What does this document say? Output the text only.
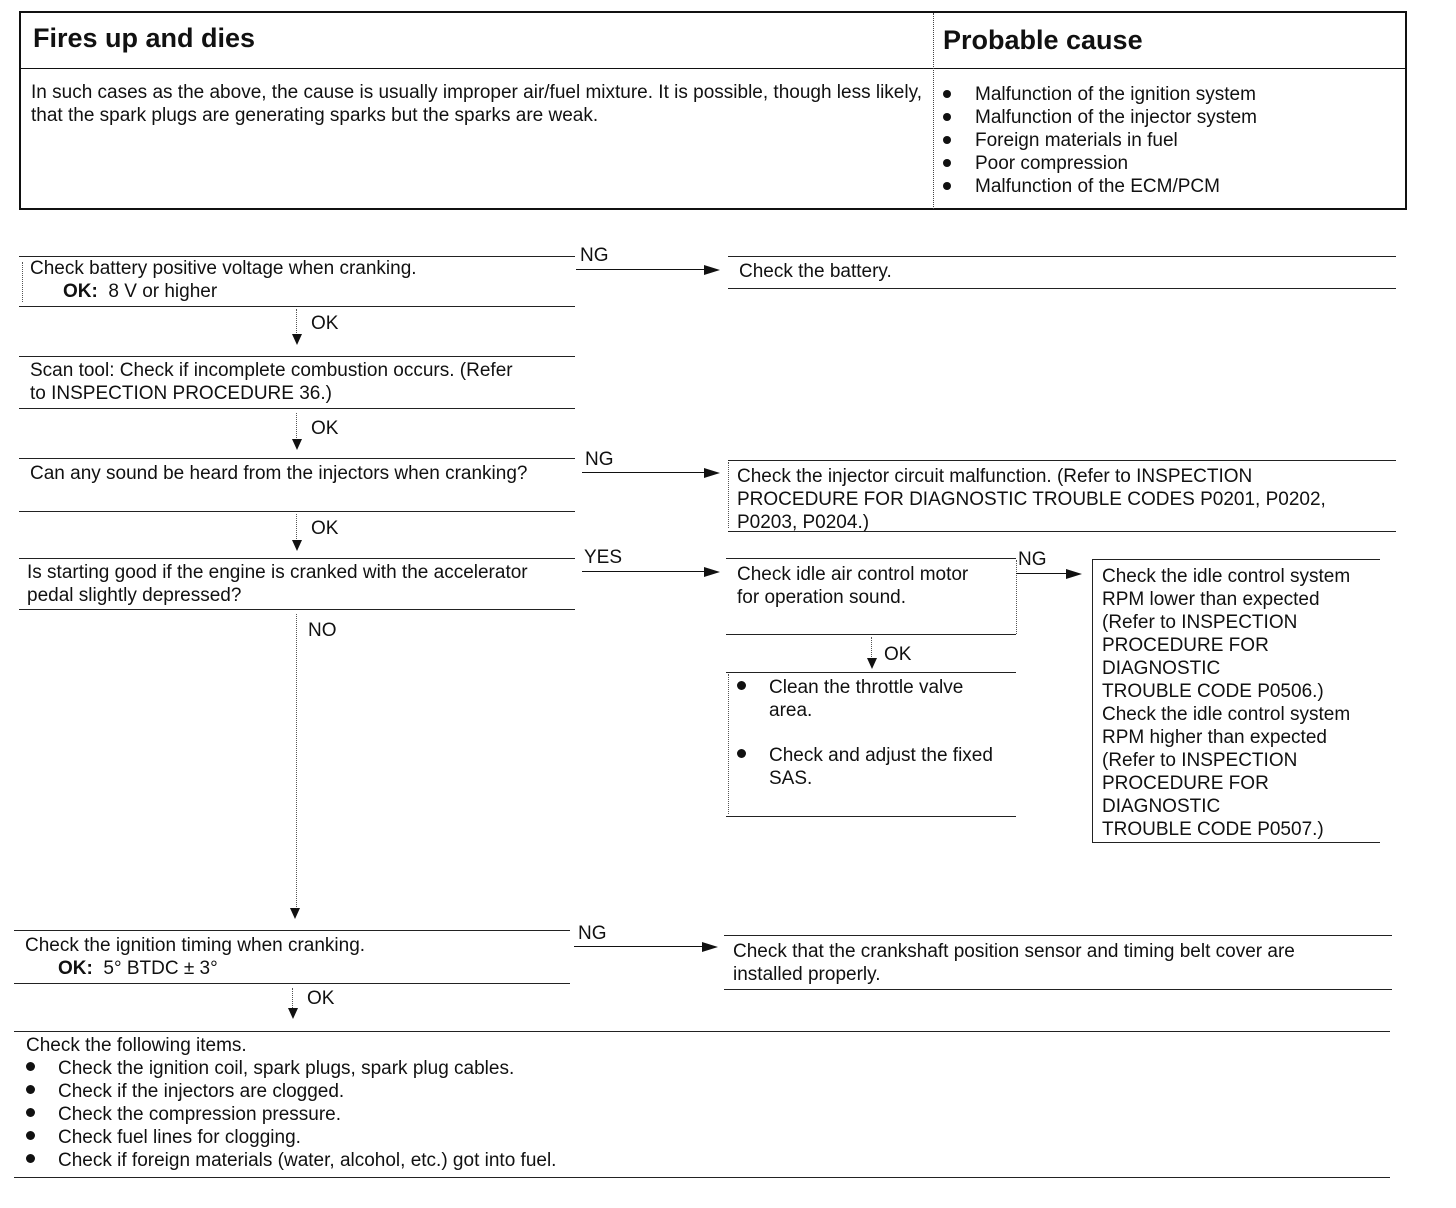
Fires up and dies	Probable cause
In such cases as the above, the cause is usually improper air/fuel mixture. It is possible, though less likely, that the spark plugs are generating sparks but the sparks are weak.
Malfunction of the ignition system
Malfunction of the injector system
Foreign materials in fuel
Poor compression
Malfunction of the ECM/PCM
Check battery positive voltage when cranking.
OK: 8 V or higher
NG
Check the battery.
OK
Scan tool: Check if incomplete combustion occurs. (Refer
to INSPECTION PROCEDURE 36.)
OK
Can any sound be heard from the injectors when cranking?
NG
Check the injector circuit malfunction. (Refer to INSPECTION
PROCEDURE FOR DIAGNOSTIC TROUBLE CODES P0201, P0202,
P0203, P0204.)
OK
Is starting good if the engine is cranked with the accelerator
pedal slightly depressed?
YES
NO
Check idle air control motor
for operation sound.
NG
Check the idle control system
RPM lower than expected
(Refer to INSPECTION
PROCEDURE FOR
DIAGNOSTIC
TROUBLE CODE P0506.)
Check the idle control system
RPM higher than expected
(Refer to INSPECTION
PROCEDURE FOR
DIAGNOSTIC
TROUBLE CODE P0507.)
OK
Clean the throttle valve
area.
Check and adjust the fixed
SAS.
Check the ignition timing when cranking.
OK: 5° BTDC ± 3°
NG
Check that the crankshaft position sensor and timing belt cover are
installed properly.
OK
Check the following items.
Check the ignition coil, spark plugs, spark plug cables.
Check if the injectors are clogged.
Check the compression pressure.
Check fuel lines for clogging.
Check if foreign materials (water, alcohol, etc.) got into fuel.
